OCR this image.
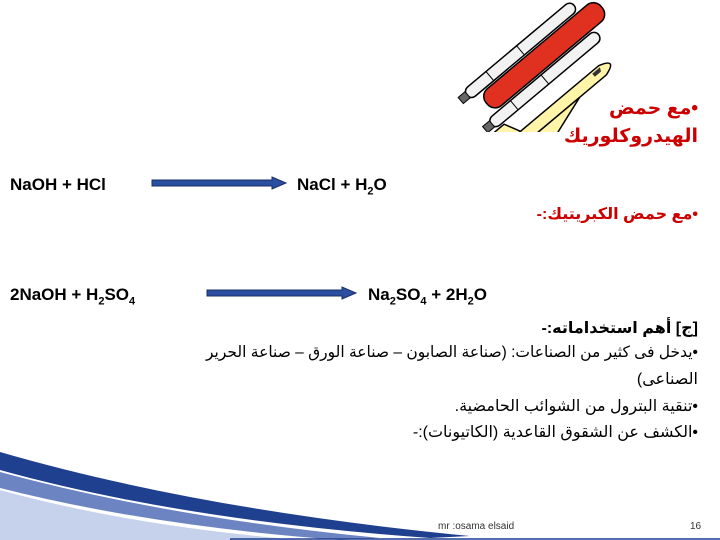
•مع حمض
الهيدروكلوريك
NaOH + HCl	NaCl + $H_2O$
•مع حمض الكبريتيك:-
2NaOH + $H_2SO_4$	$Na_2SO_4 + 2H_2O$
[ج] أهم استخداماته:-
•يدخل فى كثير من الصناعات: (صناعة الصابون – صناعة الورق – صناعة الحرير
الصناعى)
•تنقية البترول من الشوائب الحامضية.
•الكشف عن الشقوق القاعدية (الكاتيونات):-
mr :osama elsaid	16
